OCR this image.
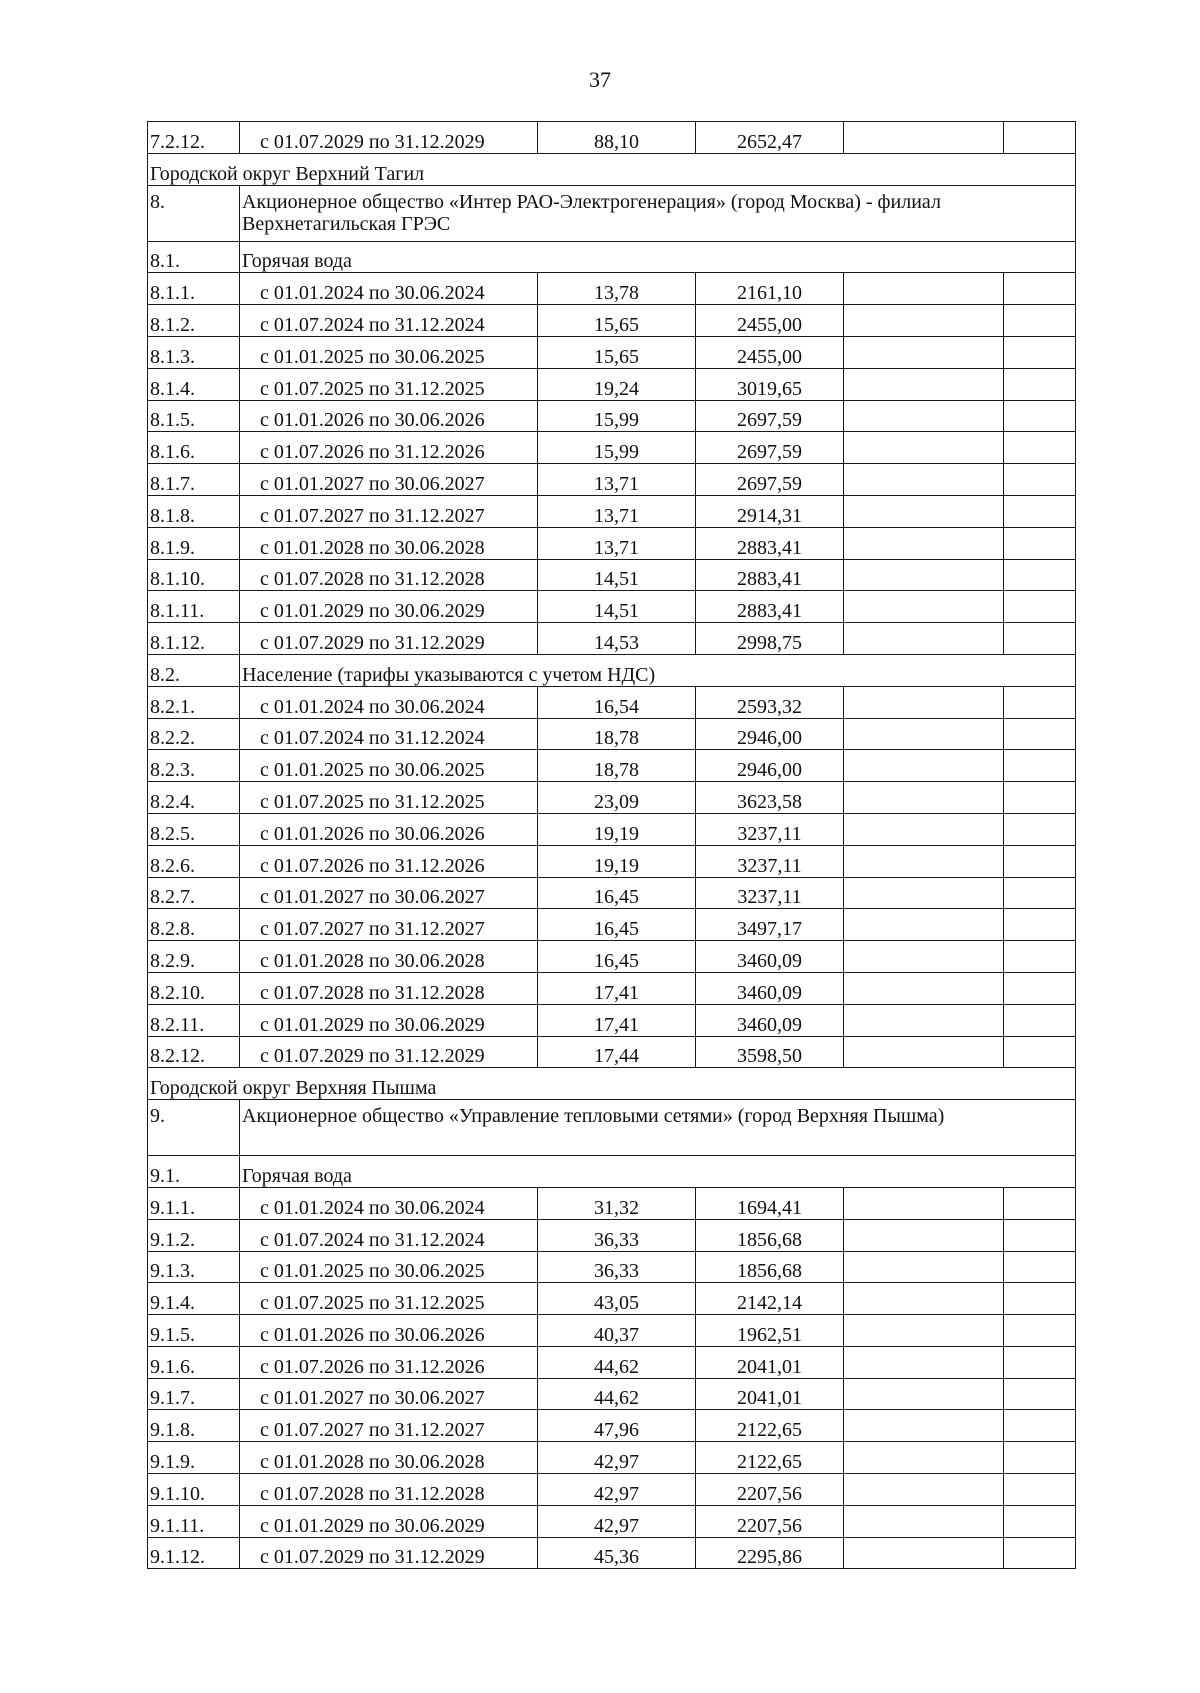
37
7.2.12.	с 01.07.2029 по 31.12.2029	88,10	2652,47		
Городской округ Верхний Тагил					
8.	Акционерное общество «Интер РАО-Электрогенерация» (город Москва) - филиал Верхнетагильская ГРЭС				
8.1.	Горячая вода				
8.1.1.	с 01.01.2024 по 30.06.2024	13,78	2161,10		
8.1.2.	с 01.07.2024 по 31.12.2024	15,65	2455,00		
8.1.3.	с 01.01.2025 по 30.06.2025	15,65	2455,00		
8.1.4.	с 01.07.2025 по 31.12.2025	19,24	3019,65		
8.1.5.	с 01.01.2026 по 30.06.2026	15,99	2697,59		
8.1.6.	с 01.07.2026 по 31.12.2026	15,99	2697,59		
8.1.7.	с 01.01.2027 по 30.06.2027	13,71	2697,59		
8.1.8.	с 01.07.2027 по 31.12.2027	13,71	2914,31		
8.1.9.	с 01.01.2028 по 30.06.2028	13,71	2883,41		
8.1.10.	с 01.07.2028 по 31.12.2028	14,51	2883,41		
8.1.11.	с 01.01.2029 по 30.06.2029	14,51	2883,41		
8.1.12.	с 01.07.2029 по 31.12.2029	14,53	2998,75		
8.2.	Население (тарифы указываются с учетом НДС)				
8.2.1.	с 01.01.2024 по 30.06.2024	16,54	2593,32		
8.2.2.	с 01.07.2024 по 31.12.2024	18,78	2946,00		
8.2.3.	с 01.01.2025 по 30.06.2025	18,78	2946,00		
8.2.4.	с 01.07.2025 по 31.12.2025	23,09	3623,58		
8.2.5.	с 01.01.2026 по 30.06.2026	19,19	3237,11		
8.2.6.	с 01.07.2026 по 31.12.2026	19,19	3237,11		
8.2.7.	с 01.01.2027 по 30.06.2027	16,45	3237,11		
8.2.8.	с 01.07.2027 по 31.12.2027	16,45	3497,17		
8.2.9.	с 01.01.2028 по 30.06.2028	16,45	3460,09		
8.2.10.	с 01.07.2028 по 31.12.2028	17,41	3460,09		
8.2.11.	с 01.01.2029 по 30.06.2029	17,41	3460,09		
8.2.12.	с 01.07.2029 по 31.12.2029	17,44	3598,50		
Городской округ Верхняя Пышма					
9.	Акционерное общество «Управление тепловыми сетями» (город Верхняя Пышма)				
9.1.	Горячая вода				
9.1.1.	с 01.01.2024 по 30.06.2024	31,32	1694,41		
9.1.2.	с 01.07.2024 по 31.12.2024	36,33	1856,68		
9.1.3.	с 01.01.2025 по 30.06.2025	36,33	1856,68		
9.1.4.	с 01.07.2025 по 31.12.2025	43,05	2142,14		
9.1.5.	с 01.01.2026 по 30.06.2026	40,37	1962,51		
9.1.6.	с 01.07.2026 по 31.12.2026	44,62	2041,01		
9.1.7.	с 01.01.2027 по 30.06.2027	44,62	2041,01		
9.1.8.	с 01.07.2027 по 31.12.2027	47,96	2122,65		
9.1.9.	с 01.01.2028 по 30.06.2028	42,97	2122,65		
9.1.10.	с 01.07.2028 по 31.12.2028	42,97	2207,56		
9.1.11.	с 01.01.2029 по 30.06.2029	42,97	2207,56		
9.1.12.	с 01.07.2029 по 31.12.2029	45,36	2295,86		
